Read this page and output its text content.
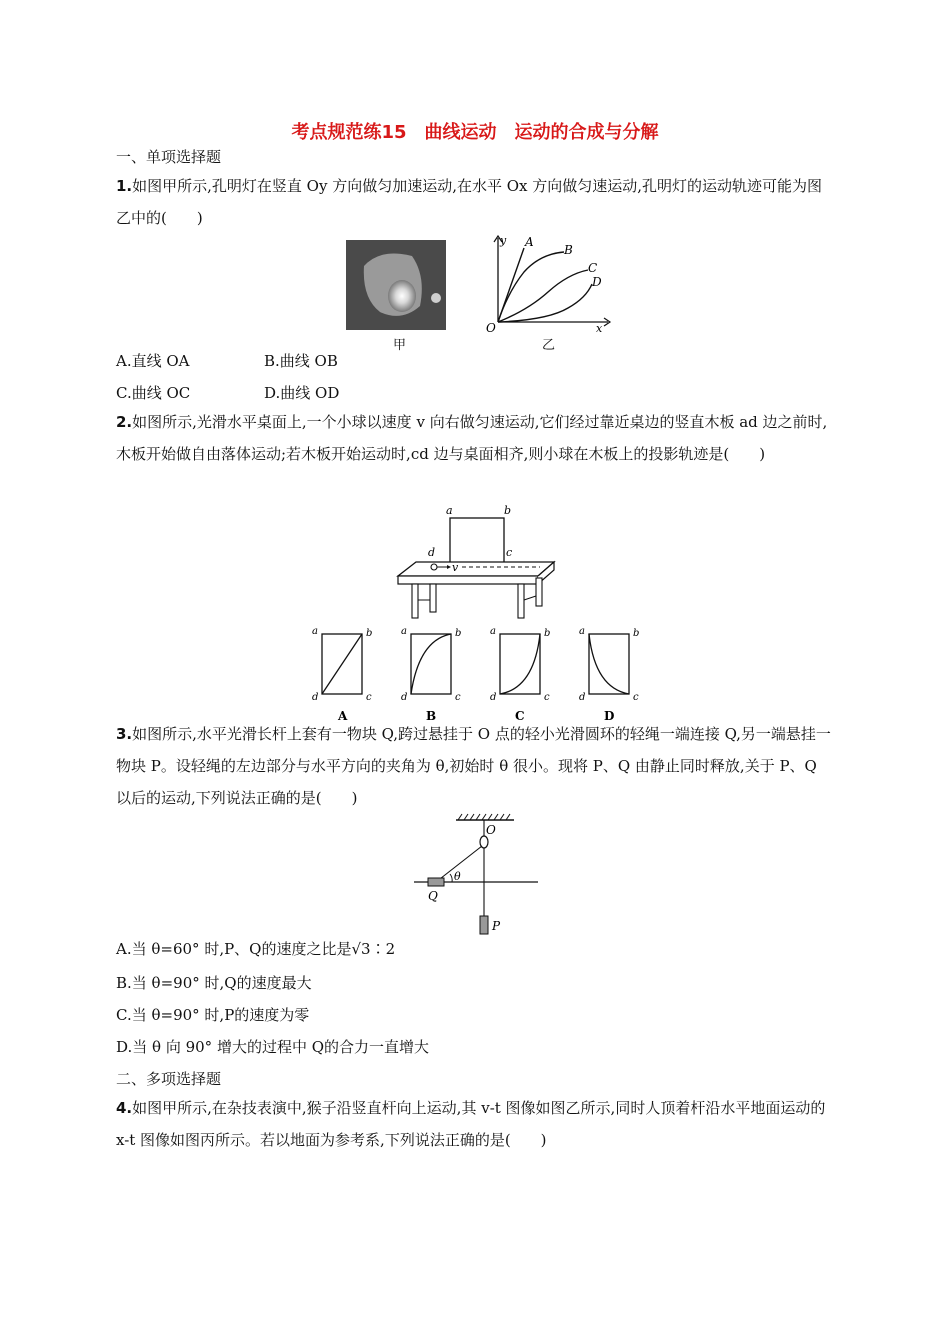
考点规范练15　曲线运动　运动的合成与分解
一、单项选择题
1.如图甲所示,孔明灯在竖直 Oy 方向做匀加速运动,在水平 Ox 方向做匀速运动,孔明灯的运动轨迹可能为图乙中的(　　)
甲
A
B
C
D
y
x
O
乙
A.直线 OA	B.曲线 OB
C.曲线 OC	D.曲线 OD
2.如图所示,光滑水平桌面上,一个小球以速度 v 向右做匀速运动,它们经过靠近桌边的竖直木板 ad 边之前时,木板开始做自由落体运动;若木板开始运动时,cd 边与桌面相齐,则小球在木板上的投影轨迹是(　　)
a	b
c
d
v
a	b
c
d
A
a	b
c
d
B
a	b
c
d
C
a	b
c
d
D
3.如图所示,水平光滑长杆上套有一物块 Q,跨过悬挂于 O 点的轻小光滑圆环的轻绳一端连接 Q,另一端悬挂一物块 P。设轻绳的左边部分与水平方向的夹角为 θ,初始时 θ 很小。现将 P、Q 由静止同时释放,关于 P、Q 以后的运动,下列说法正确的是(　　)
O
Q
θ
P
A.当 θ=60° 时,P、Q的速度之比是√3∶2
B.当 θ=90° 时,Q的速度最大
C.当 θ=90° 时,P的速度为零
D.当 θ 向 90° 增大的过程中 Q的合力一直增大
二、多项选择题
4.如图甲所示,在杂技表演中,猴子沿竖直杆向上运动,其 v-t 图像如图乙所示,同时人顶着杆沿水平地面运动的 x-t 图像如图丙所示。若以地面为参考系,下列说法正确的是(　　)
